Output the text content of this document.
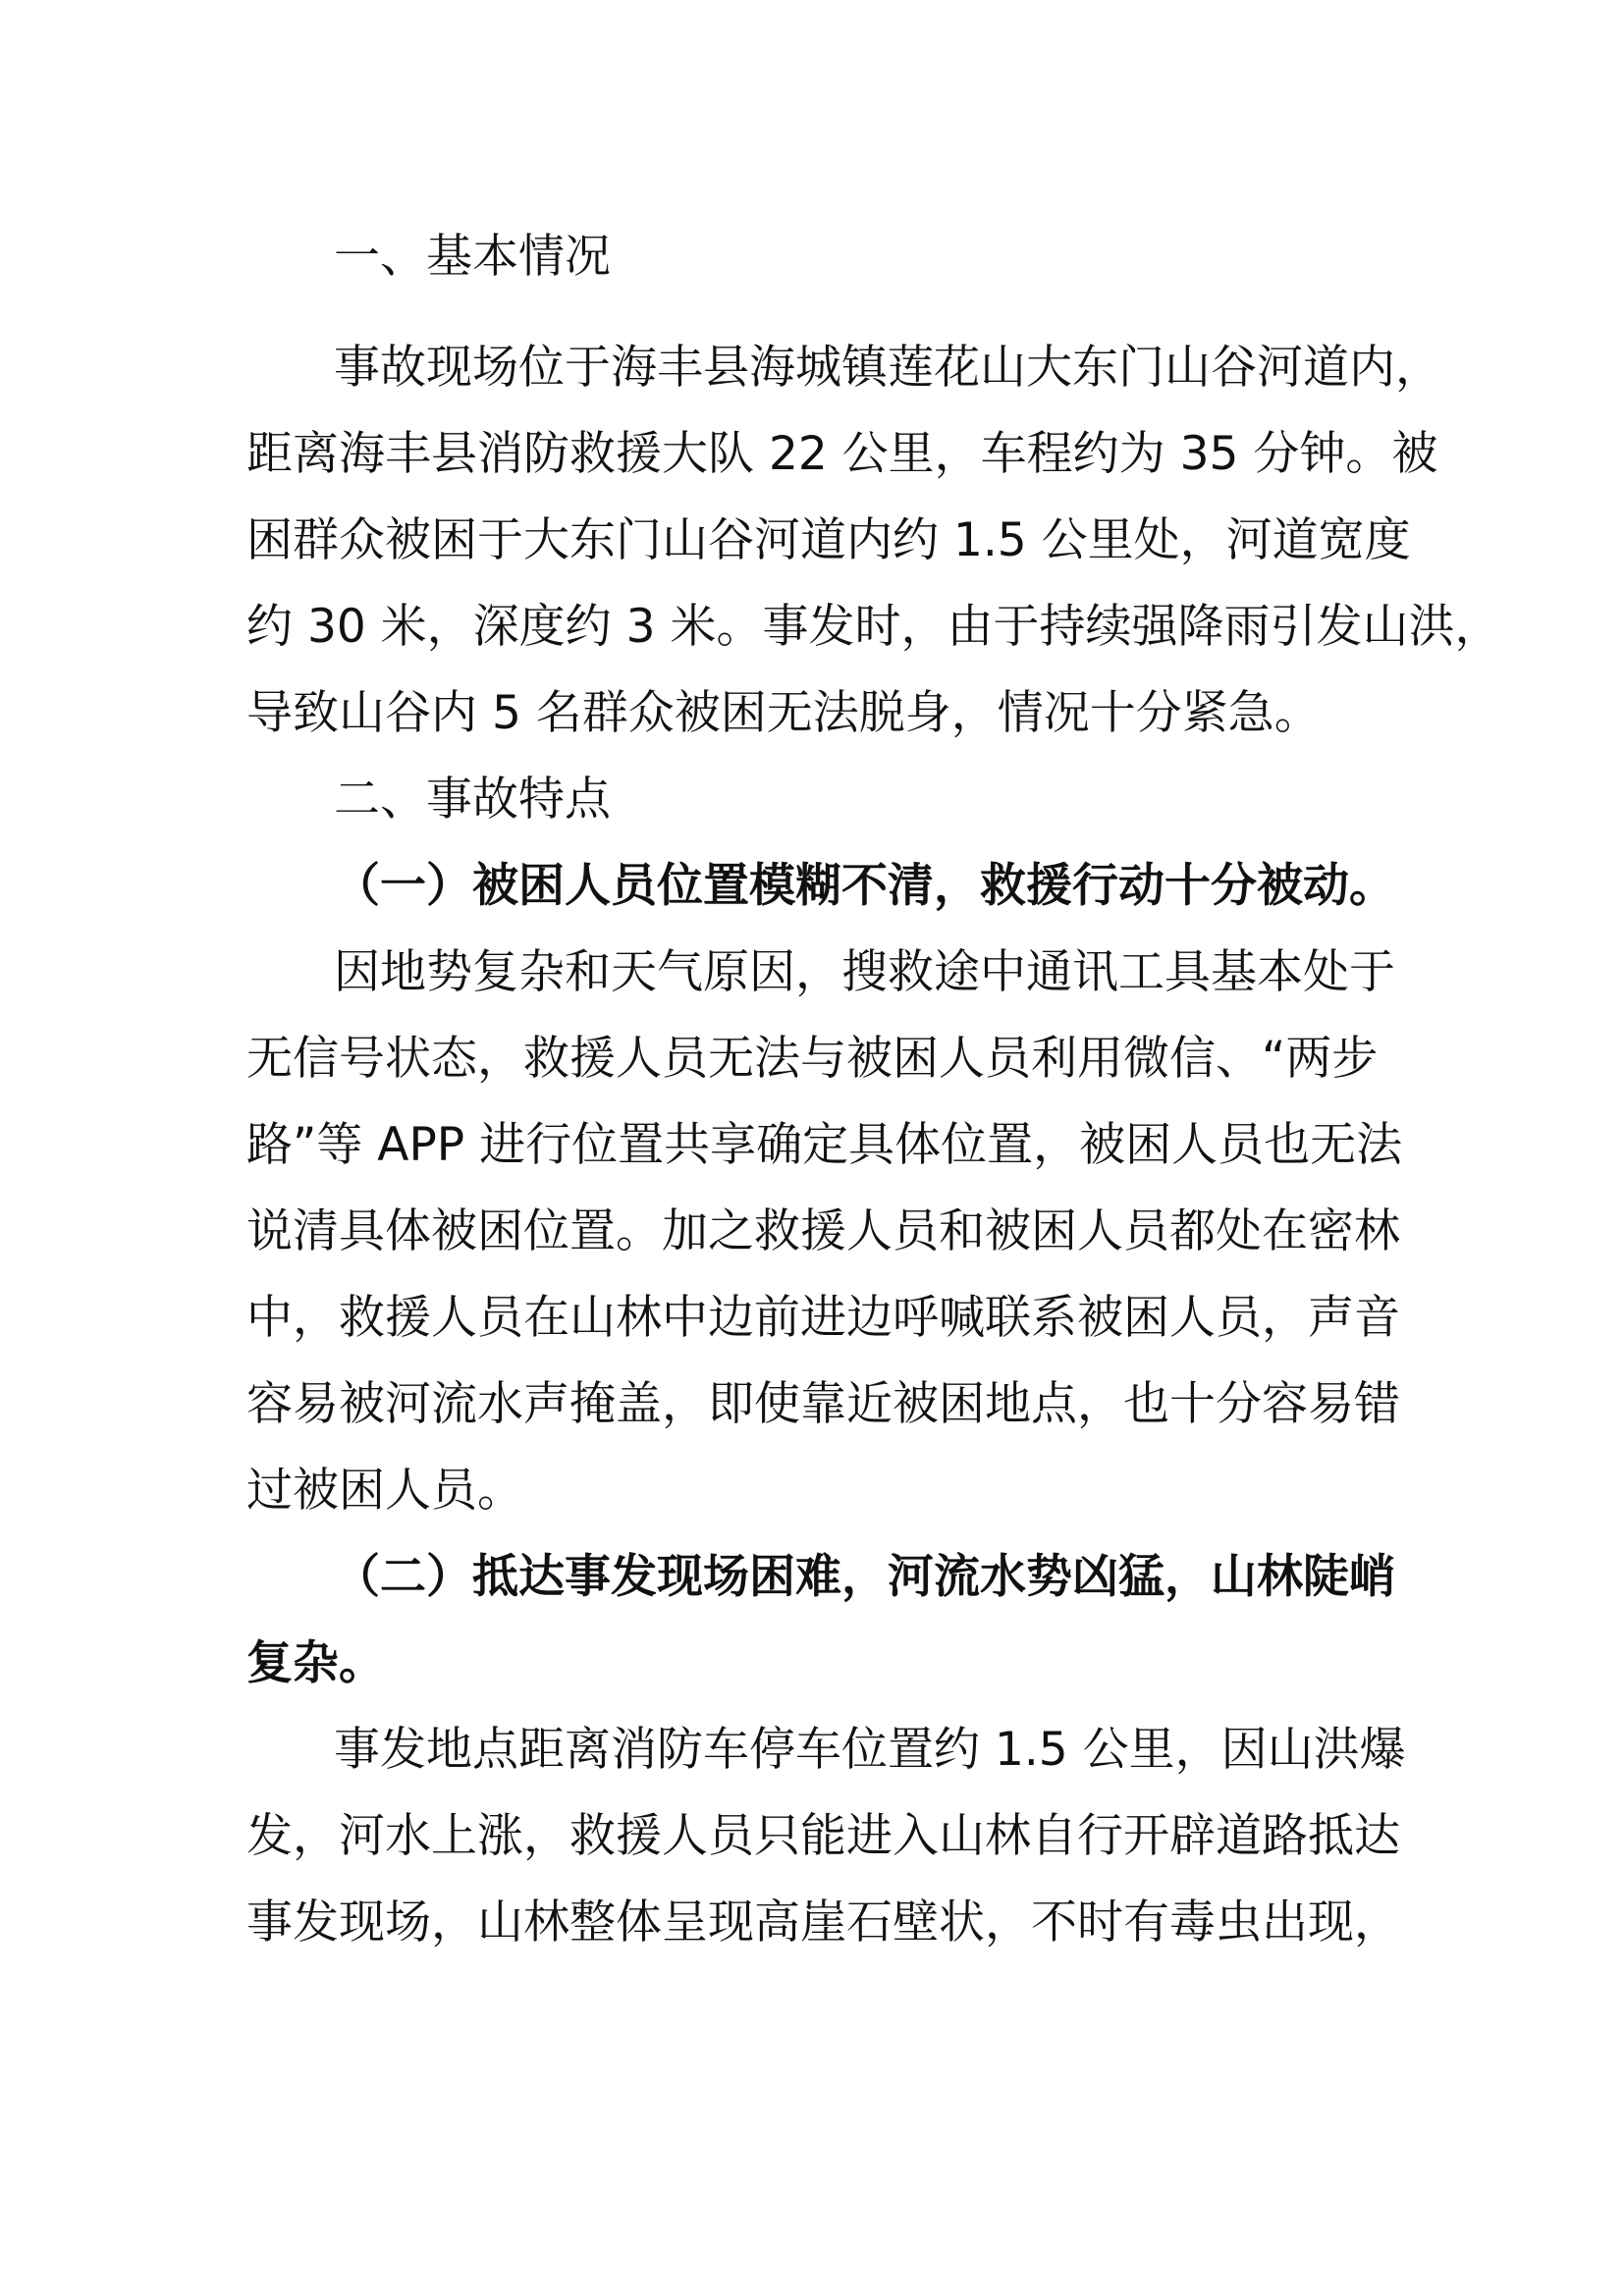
一、基本情况
事故现场位于海丰县海城镇莲花山大东门山谷河道内，
距离海丰县消防救援大队 22 公里，车程约为 35 分钟。被
困群众被困于大东门山谷河道内约 1.5 公里处，河道宽度
约 30 米，深度约 3 米。事发时，由于持续强降雨引发山洪，
导致山谷内 5 名群众被困无法脱身，情况十分紧急。
二、事故特点
（一）被困人员位置模糊不清，救援行动十分被动。
因地势复杂和天气原因，搜救途中通讯工具基本处于
无信号状态，救援人员无法与被困人员利用微信、“两步
路”等 APP 进行位置共享确定具体位置，被困人员也无法
说清具体被困位置。加之救援人员和被困人员都处在密林
中，救援人员在山林中边前进边呼喊联系被困人员，声音
容易被河流水声掩盖，即使靠近被困地点，也十分容易错
过被困人员。
（二）抵达事发现场困难，河流水势凶猛，山林陡峭
复杂。
事发地点距离消防车停车位置约 1.5 公里，因山洪爆
发，河水上涨，救援人员只能进入山林自行开辟道路抵达
事发现场，山林整体呈现高崖石壁状，不时有毒虫出现，
